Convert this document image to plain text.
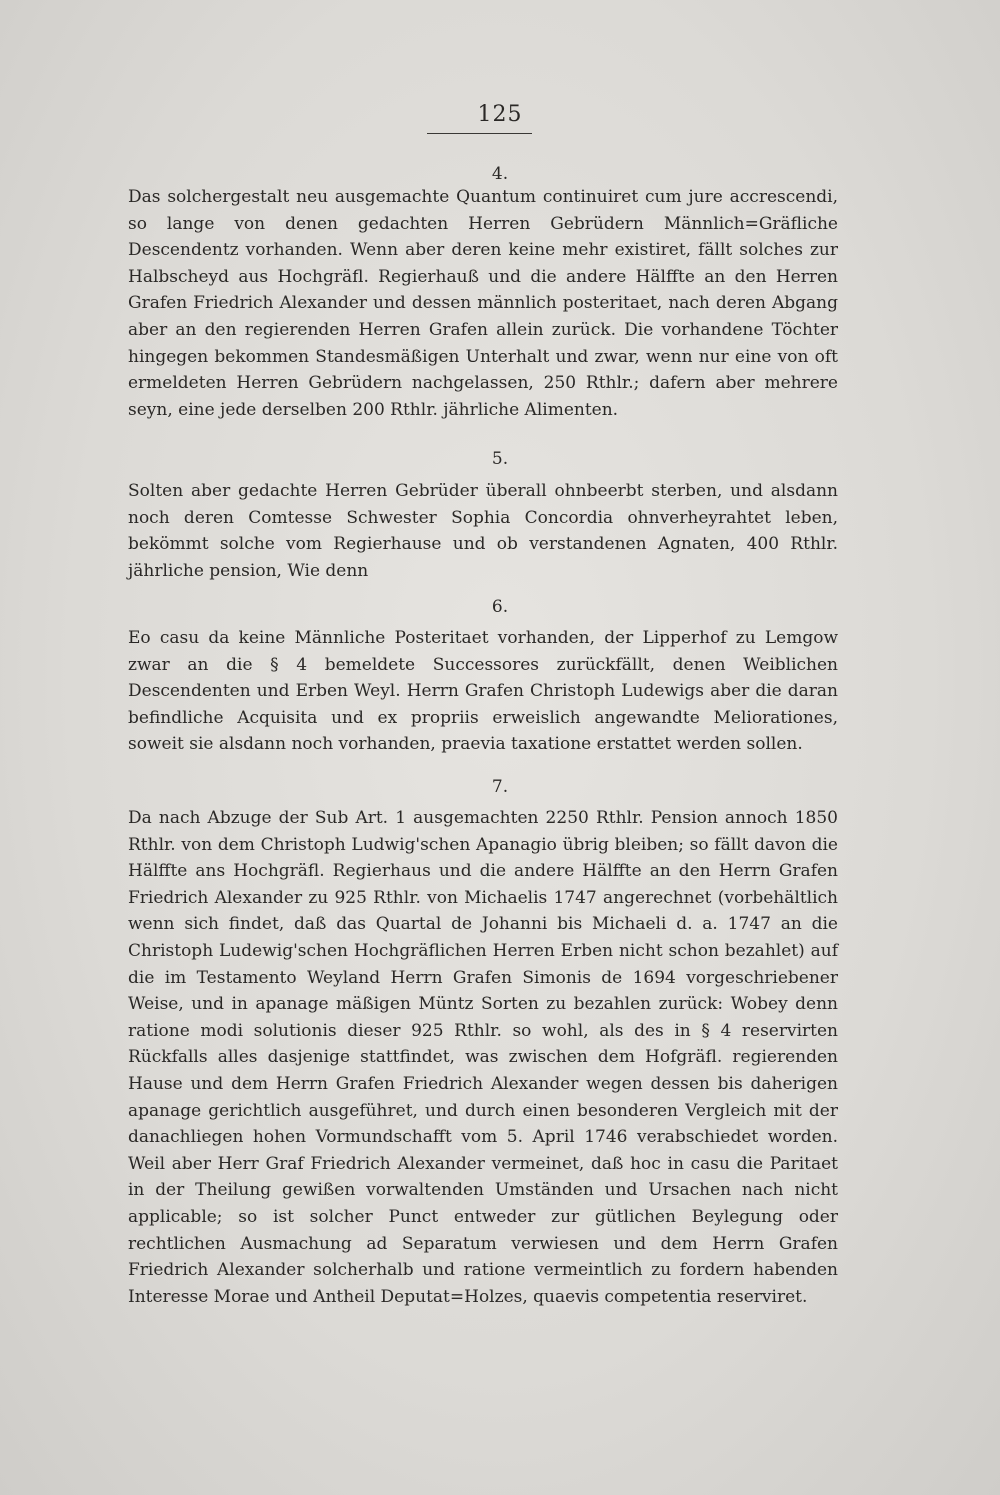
125
4.

Das solchergestalt neu ausgemachte Quantum continuiret cum jure accrescendi, so lange von denen gedachten Herren Gebrüdern Männlich=Gräfliche Descendentz vorhanden. Wenn aber deren keine mehr existiret, fällt solches zur Halbscheyd aus Hochgräfl. Regierhauß und die andere Hälffte an den Herren Grafen Friedrich Alexander und dessen männlich posteritaet, nach deren Abgang aber an den regierenden Herren Grafen allein zurück. Die vorhandene Töchter hingegen bekommen Standesmäßigen Unterhalt und zwar, wenn nur eine von oft ermeldeten Herren Gebrüdern nachgelassen, 250 Rthlr.; dafern aber mehrere seyn, eine jede derselben 200 Rthlr. jährliche Alimenten.

5.

Solten aber gedachte Herren Gebrüder überall ohnbeerbt sterben, und alsdann noch deren Comtesse Schwester Sophia Concordia ohnverheyrahtet leben, bekömmt solche vom Regierhause und ob verstandenen Agnaten, 400 Rthlr. jährliche pension, Wie denn

6.

Eo casu da keine Männliche Posteritaet vorhanden, der Lipperhof zu Lemgow zwar an die § 4 bemeldete Successores zurückfällt, denen Weiblichen Descendenten und Erben Weyl. Herrn Grafen Christoph Ludewigs aber die daran befindliche Acquisita und ex propriis erweislich angewandte Meliorationes, soweit sie alsdann noch vorhanden, praevia taxatione erstattet werden sollen.

7.

Da nach Abzuge der Sub Art. 1 ausgemachten 2250 Rthlr. Pension annoch 1850 Rthlr. von dem Christoph Ludwig'schen Apanagio übrig bleiben; so fällt davon die Hälffte ans Hochgräfl. Regierhaus und die andere Hälffte an den Herrn Grafen Friedrich Alexander zu 925 Rthlr. von Michaelis 1747 angerechnet (vorbehältlich wenn sich findet, daß das Quartal de Johanni bis Michaeli d. a. 1747 an die Christoph Ludewig'schen Hochgräflichen Herren Erben nicht schon bezahlet) auf die im Testamento Weyland Herrn Grafen Simonis de 1694 vorgeschriebener Weise, und in apanage mäßigen Müntz Sorten zu bezahlen zurück: Wobey denn ratione modi solutionis dieser 925 Rthlr. so wohl, als des in § 4 reservirten Rückfalls alles dasjenige stattfindet, was zwischen dem Hofgräfl. regierenden Hause und dem Herrn Grafen Friedrich Alexander wegen dessen bis daherigen apanage gerichtlich ausgeführet, und durch einen besonderen Vergleich mit der danachliegen hohen Vormundschafft vom 5. April 1746 verabschiedet worden. Weil aber Herr Graf Friedrich Alexander vermeinet, daß hoc in casu die Paritaet in der Theilung gewißen vorwaltenden Umständen und Ursachen nach nicht applicable; so ist solcher Punct entweder zur gütlichen Beylegung oder rechtlichen Ausmachung ad Separatum verwiesen und dem Herrn Grafen Friedrich Alexander solcherhalb und ratione vermeintlich zu fordern habenden Interesse Morae und Antheil Deputat=Holzes, quaevis competentia reserviret.
